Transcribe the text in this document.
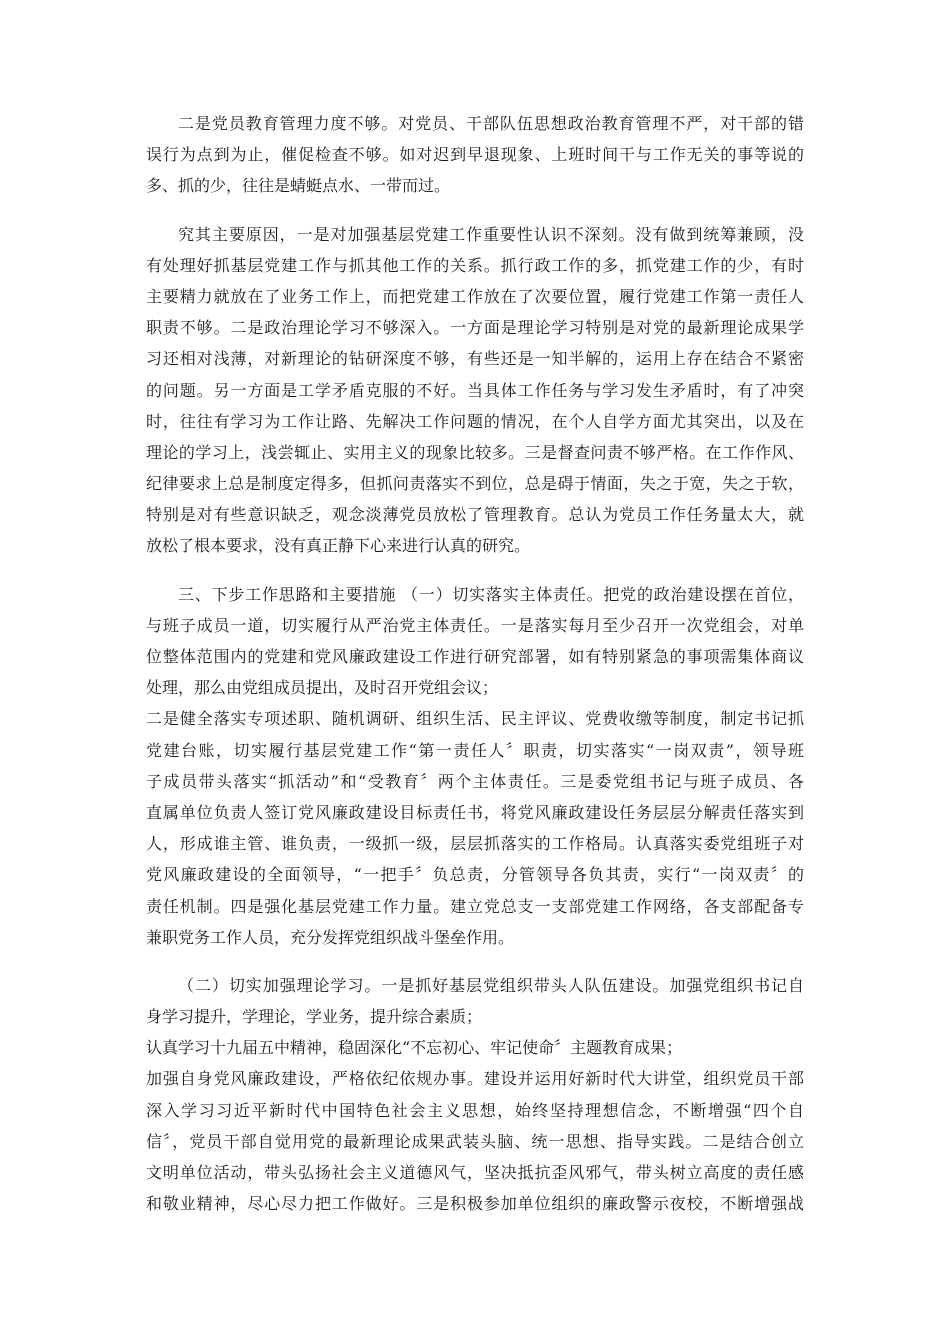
二是党员教育管理力度不够。对党员、干部队伍思想政治教育管理不严，对干部的错
误行为点到为止，催促检查不够。如对迟到早退现象、上班时间干与工作无关的事等说的
多、抓的少，往往是蜻蜓点水、一带而过。
究其主要原因，一是对加强基层党建工作重要性认识不深刻。没有做到统筹兼顾，没
有处理好抓基层党建工作与抓其他工作的关系。抓行政工作的多，抓党建工作的少，有时
主要精力就放在了业务工作上，而把党建工作放在了次要位置，履行党建工作第一责任人
职责不够。二是政治理论学习不够深入。一方面是理论学习特别是对党的最新理论成果学
习还相对浅薄，对新理论的钻研深度不够，有些还是一知半解的，运用上存在结合不紧密
的问题。另一方面是工学矛盾克服的不好。当具体工作任务与学习发生矛盾时，有了冲突
时，往往有学习为工作让路、先解决工作问题的情况，在个人自学方面尤其突出，以及在
理论的学习上，浅尝辄止、实用主义的现象比较多。三是督查问责不够严格。在工作作风、
纪律要求上总是制度定得多，但抓问责落实不到位，总是碍于情面，失之于宽，失之于软，
特别是对有些意识缺乏，观念淡薄党员放松了管理教育。总认为党员工作任务量太大，就
放松了根本要求，没有真正静下心来进行认真的研究。
三、下步工作思路和主要措施 （一）切实落实主体责任。把党的政治建设摆在首位，
与班子成员一道，切实履行从严治党主体责任。一是落实每月至少召开一次党组会，对单
位整体范围内的党建和党风廉政建设工作进行研究部署，如有特别紧急的事项需集体商议
处理，那么由党组成员提出，及时召开党组会议；
二是健全落实专项述职、随机调研、组织生活、民主评议、党费收缴等制度，制定书记抓
党建台账，切实履行基层党建工作“第一责任人〞职责，切实落实“一岗双责”，领导班
子成员带头落实“抓活动”和“受教育〞两个主体责任。三是委党组书记与班子成员、各
直属单位负责人签订党风廉政建设目标责任书，将党风廉政建设任务层层分解责任落实到
人，形成谁主管、谁负责，一级抓一级，层层抓落实的工作格局。认真落实委党组班子对
党风廉政建设的全面领导，“一把手〞负总责，分管领导各负其责，实行“一岗双责〞的
责任机制。四是强化基层党建工作力量。建立党总支一支部党建工作网络，各支部配备专
兼职党务工作人员，充分发挥党组织战斗堡垒作用。
（二）切实加强理论学习。一是抓好基层党组织带头人队伍建设。加强党组织书记自
身学习提升，学理论，学业务，提升综合素质；
认真学习十九届五中精神，稳固深化“不忘初心、牢记使命〞主题教育成果；
加强自身党风廉政建设，严格依纪依规办事。建设并运用好新时代大讲堂，组织党员干部
深入学习习近平新时代中国特色社会主义思想，始终坚持理想信念，不断增强“四个自
信〞，党员干部自觉用党的最新理论成果武装头脑、统一思想、指导实践。二是结合创立
文明单位活动，带头弘扬社会主义道德风气，坚决抵抗歪风邪气，带头树立高度的责任感
和敬业精神，尽心尽力把工作做好。三是积极参加单位组织的廉政警示夜校，不断增强战
